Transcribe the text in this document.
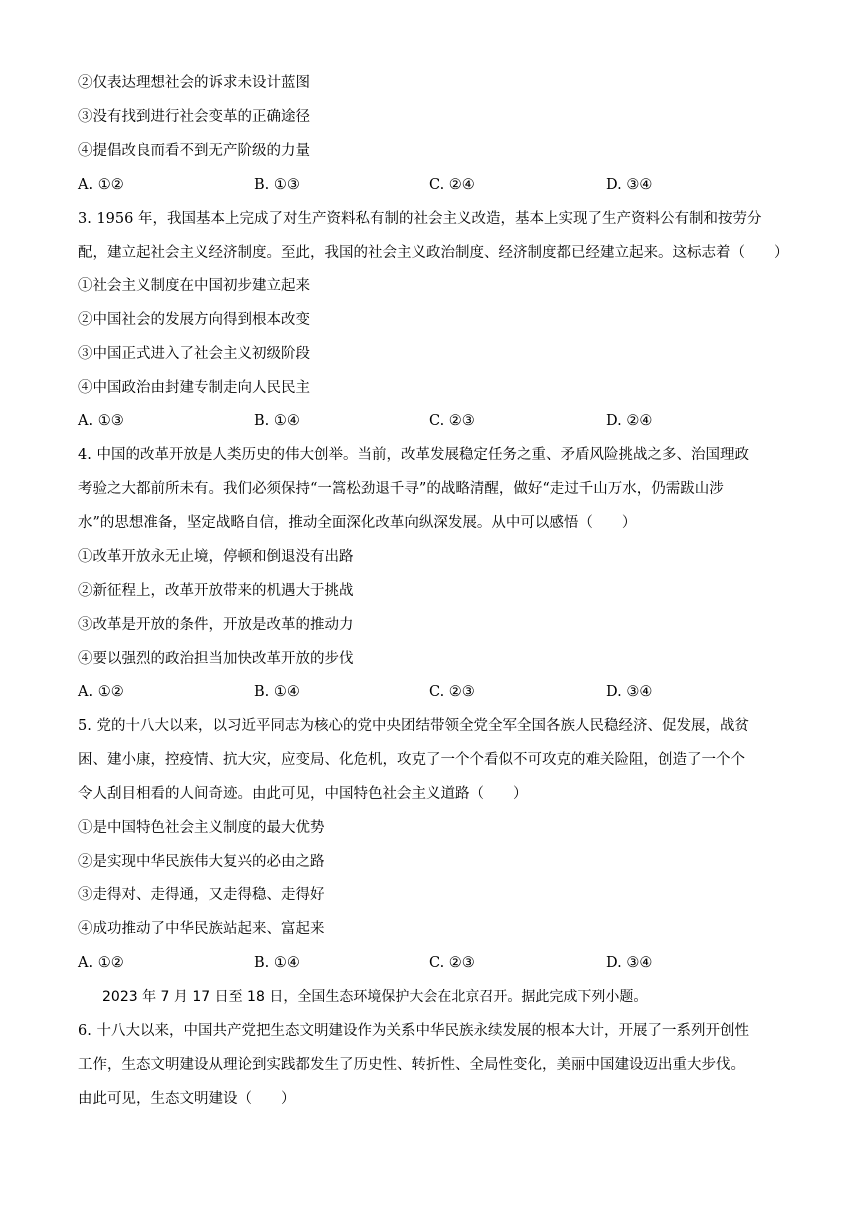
②仅表达理想社会的诉求未设计蓝图
③没有找到进行社会变革的正确途径
④提倡改良而看不到无产阶级的力量
A. ①②	B. ①③	C. ②④	D. ③④
3. 1956 年，我国基本上完成了对生产资料私有制的社会主义改造，基本上实现了生产资料公有制和按劳分
配，建立起社会主义经济制度。至此，我国的社会主义政治制度、经济制度都已经建立起来。这标志着（　　）
①社会主义制度在中国初步建立起来
②中国社会的发展方向得到根本改变
③中国正式进入了社会主义初级阶段
④中国政治由封建专制走向人民民主
A. ①③	B. ①④	C. ②③	D. ②④
4. 中国的改革开放是人类历史的伟大创举。当前，改革发展稳定任务之重、矛盾风险挑战之多、治国理政
考验之大都前所未有。我们必须保持“一篙松劲退千寻”的战略清醒，做好“走过千山万水，仍需跋山涉
水”的思想准备，坚定战略自信，推动全面深化改革向纵深发展。从中可以感悟（　　）
①改革开放永无止境，停顿和倒退没有出路
②新征程上，改革开放带来的机遇大于挑战
③改革是开放的条件，开放是改革的推动力
④要以强烈的政治担当加快改革开放的步伐
A. ①②	B. ①④	C. ②③	D. ③④
5. 党的十八大以来，以习近平同志为核心的党中央团结带领全党全军全国各族人民稳经济、促发展，战贫
困、建小康，控疫情、抗大灾，应变局、化危机，攻克了一个个看似不可攻克的难关险阻，创造了一个个
令人刮目相看的人间奇迹。由此可见，中国特色社会主义道路（　　）
①是中国特色社会主义制度的最大优势
②是实现中华民族伟大复兴的必由之路
③走得对、走得通，又走得稳、走得好
④成功推动了中华民族站起来、富起来
A. ①②	B. ①④	C. ②③	D. ③④
2023 年 7 月 17 日至 18 日，全国生态环境保护大会在北京召开。据此完成下列小题。
6. 十八大以来，中国共产党把生态文明建设作为关系中华民族永续发展的根本大计，开展了一系列开创性
工作，生态文明建设从理论到实践都发生了历史性、转折性、全局性变化，美丽中国建设迈出重大步伐。
由此可见，生态文明建设（　　）
